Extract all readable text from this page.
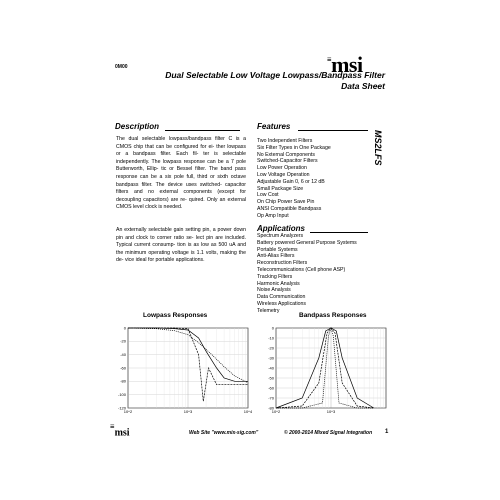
≡msi
0M00
Dual Selectable Low Voltage Lowpass/Bandpass Filter
Data Sheet
MS2LFS
Description
The dual selectable lowpass/bandpass filter C is a CMOS chip that can be configured for ei- ther lowpass or a bandpass filter. Each fil- ter is selectable independently. The lowpass response can be a 7 pole Butterworth, Ellip- tic or Bessel filter. The band pass response can be a six pole full, third or sixth octave bandpass filter. The device uses switched- capacitor filters and no external components (except for decoupling capacitors) are re- quired. Only an external CMOS level clock is needed.
An externally selectable gain setting pin, a power down pin and clock to corner ratio se- lect pin are included. Typical current consump- tion is as low as 500 uA and the minimum operating voltage is 1.1 volts, making the de- vice ideal for portable applications.
Features
Two Independent Filters
Six Filter Types in One Package
No External Components
Switched-Capacitor Filters
Low Power Operation
Low Voltage Operation
Adjustable Gain 0, 6 or 12 dB
Small Package Size
Low Cost
On Chip Power Save Pin
ANSI Compatible Bandpass
Op Amp Input
Applications
Spectrum Analyzers
Battery powered General Purpose Systems
Portable Systems
Anti-Alias Filters
Reconstruction Filters
Telecommunications (Cell phone ASP)
Tracking Filters
Harmonic Analysis
Noise Analysis
Data Communication
Wireless Applications
Telemetry
Lowpass Responses	Bandpass Responses
0
-20
-40
-60
-80
-100
-120
10^2	10^3	10^4
0
-10
-20
-30
-40
-50
-60
-70
-80
10^2	10^3
≡msi	Web Site "www.mix-sig.com"	© 2000-2014 Mixed Signal Integration 1
